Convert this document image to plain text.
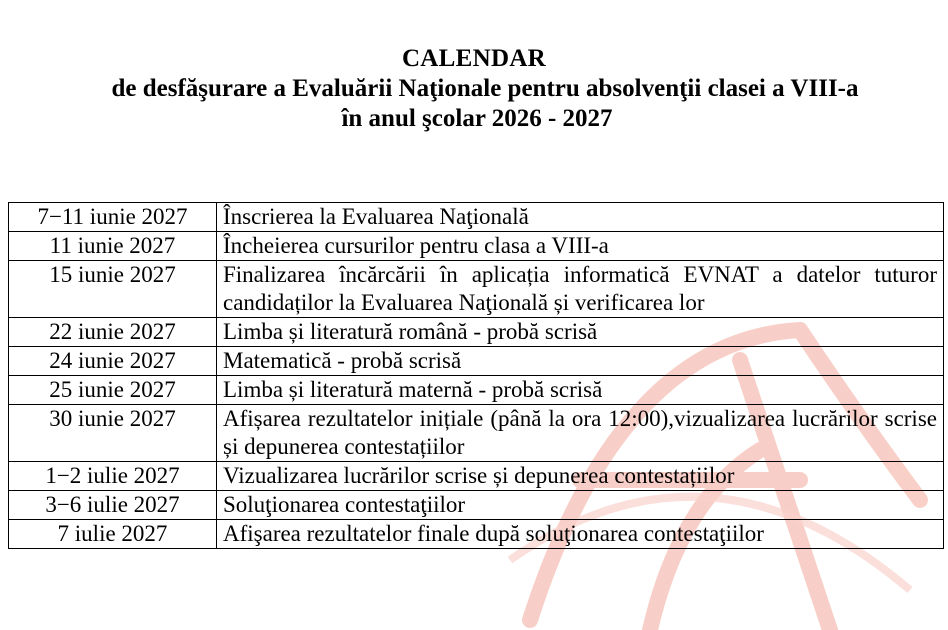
CALENDAR
de desfăşurare a Evaluării Naţionale pentru absolvenţii clasei a VIII-a
în anul şcolar 2026 - 2027
7−11 iunie 2027	Înscrierea la Evaluarea Naţională
11 iunie 2027	Încheierea cursurilor pentru clasa a VIII-a
15 iunie 2027	Finalizarea încărcării în aplicația informatică EVNAT a datelor tuturor candidaților la Evaluarea Naţională și verificarea lor
22 iunie 2027	Limba și literatură română - probă scrisă
24 iunie 2027	Matematică - probă scrisă
25 iunie 2027	Limba și literatură maternă - probă scrisă
30 iunie 2027	Afișarea rezultatelor inițiale (până la ora 12:00),vizualizarea lucrărilor scrise și depunerea contestațiilor
1−2 iulie 2027	Vizualizarea lucrărilor scrise și depunerea contestațiilor
3−6 iulie 2027	Soluţionarea contestaţiilor
7 iulie 2027	Afişarea rezultatelor finale după soluţionarea contestaţiilor
